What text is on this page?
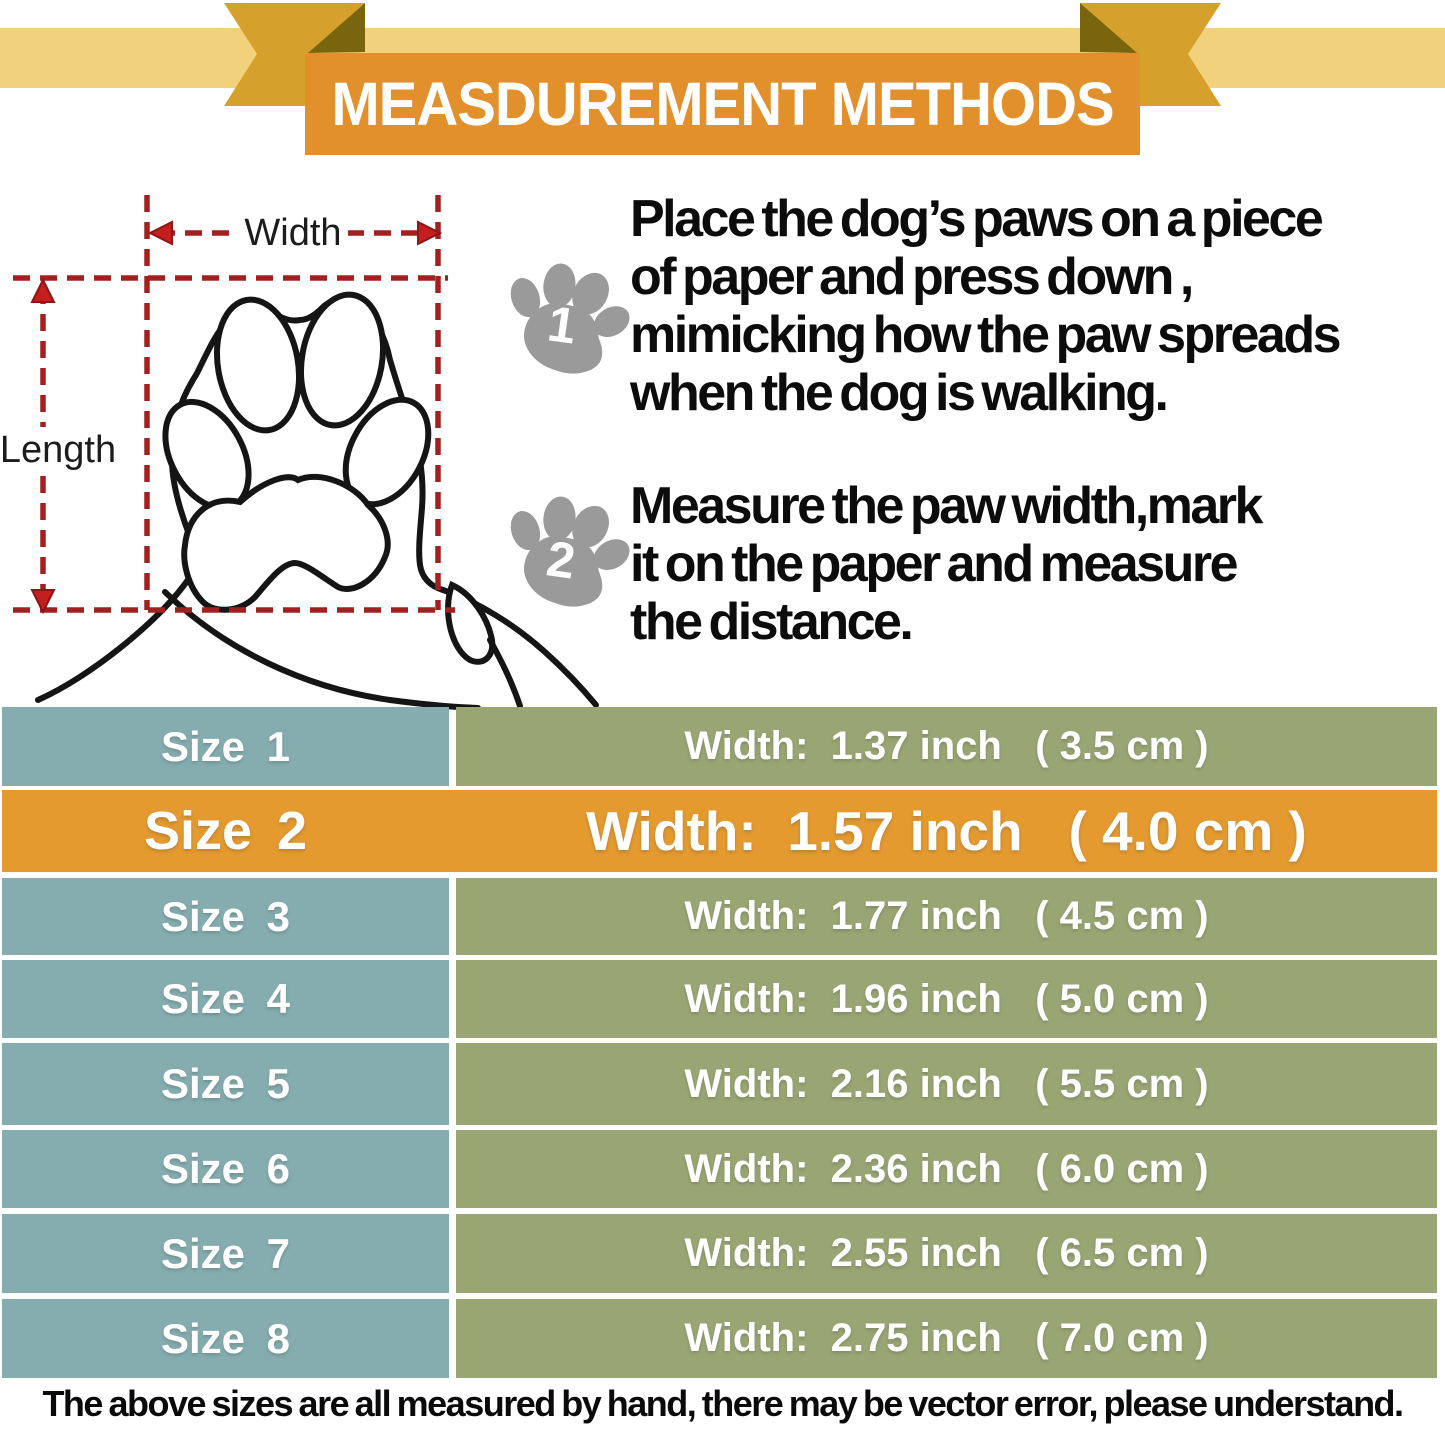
MEASDUREMENT METHODS
Width
Length
1
2
Place the dog’s paws on a piece
of paper and press down ,
mimicking how the paw spreads
when the dog is walking.
Measure the paw width,mark
it on the paper and measure
the distance.
Size 1	Width:  1.37 inch   ( 3.5 cm )
Size 2	Width:  1.57 inch   ( 4.0 cm )
Size 3	Width:  1.77 inch   ( 4.5 cm )
Size 4	Width:  1.96 inch   ( 5.0 cm )
Size 5	Width:  2.16 inch   ( 5.5 cm )
Size 6	Width:  2.36 inch   ( 6.0 cm )
Size 7	Width:  2.55 inch   ( 6.5 cm )
Size 8	Width:  2.75 inch   ( 7.0 cm )
The above sizes are all measured by hand, there may be vector error, please understand.
